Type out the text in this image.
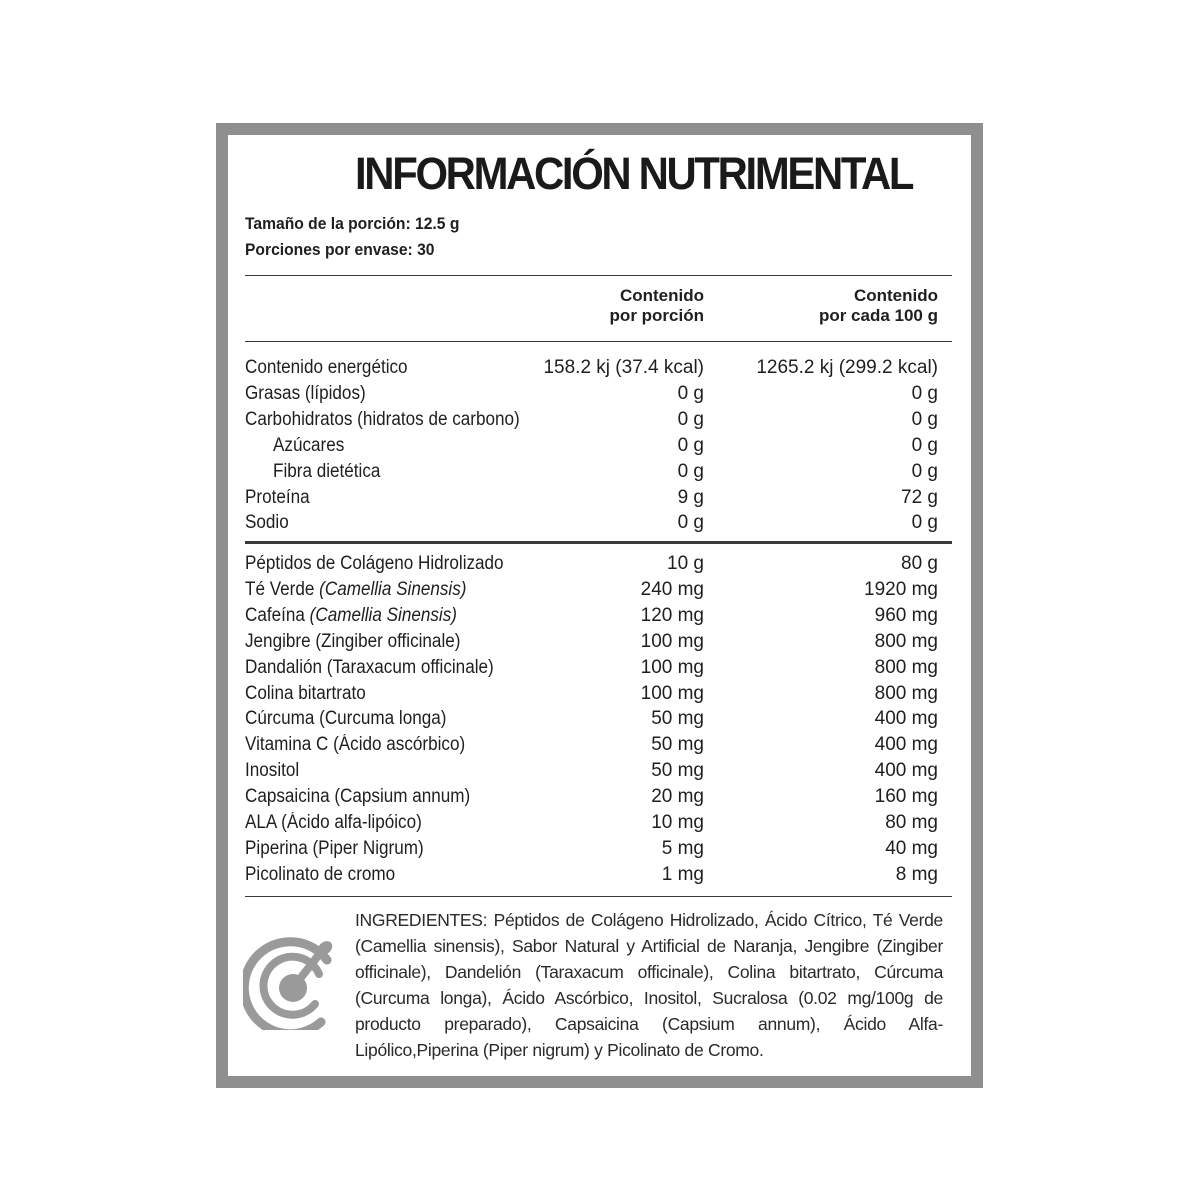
INFORMACIÓN NUTRIMENTAL
Tamaño de la porción: 12.5 g
Porciones por envase: 30
Contenido
por porción
Contenido
por cada 100 g
Contenido energético	158.2 kj (37.4 kcal)	1265.2 kj (299.2 kcal)
Grasas (lípidos)	0 g	0 g
Carbohidratos (hidratos de carbono)	0 g	0 g
Azúcares	0 g	0 g
Fibra dietética	0 g	0 g
Proteína	9 g	72 g
Sodio	0 g	0 g
Péptidos de Colágeno Hidrolizado	10 g	80 g
Té Verde (Camellia Sinensis)	240 mg	1920 mg
Cafeína (Camellia Sinensis)	120 mg	960 mg
Jengibre (Zingiber officinale)	100 mg	800 mg
Dandalión (Taraxacum officinale)	100 mg	800 mg
Colina bitartrato	100 mg	800 mg
Cúrcuma (Curcuma longa)	50 mg	400 mg
Vitamina C (Ácido ascórbico)	50 mg	400 mg
Inositol	50 mg	400 mg
Capsaicina (Capsium annum)	20 mg	160 mg
ALA (Ácido alfa-lipóico)	10 mg	80 mg
Piperina (Piper Nigrum)	5 mg	40 mg
Picolinato de cromo	1 mg	8 mg
INGREDIENTES: Péptidos de Colágeno Hidrolizado, Ácido Cítrico, Té Verde (Camellia sinensis), Sabor Natural y Artificial de Naranja, Jengibre (Zingiber officinale), Dandelión (Taraxacum officinale), Colina bitartrato, Cúrcuma (Curcuma longa), Ácido Ascórbico, Inositol, Sucralosa (0.02 mg/100g de producto preparado), Capsaicina (Capsium annum), Ácido Alfa-Lipólico,Piperina (Piper nigrum) y Picolinato de Cromo.
